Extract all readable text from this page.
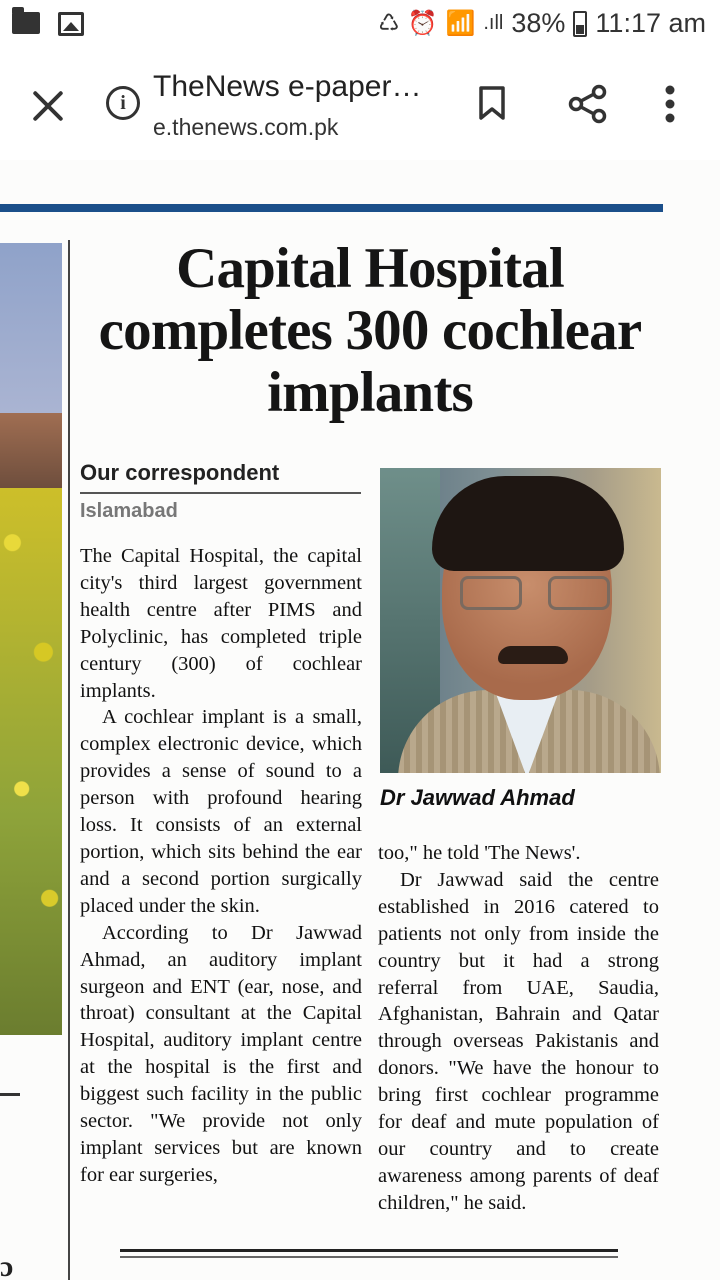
♺ ⏰ 📶 .ıll 38% 11:17 am
i TheNews e-paper…
e.thenews.com.pk
ɔ
Capital Hospital completes 300 cochlear implants
Our correspondent
Islamabad

The Capital Hospital, the capital city's third largest government health centre after PIMS and Polyclinic, has completed triple century (300) of cochlear implants.

A cochlear implant is a small, complex electronic device, which provides a sense of sound to a person with profound hearing loss. It consists of an external portion, which sits behind the ear and a second portion surgically placed under the skin.

According to Dr Jawwad Ahmad, an auditory implant surgeon and ENT (ear, nose, and throat) consultant at the Capital Hospital, auditory implant centre at the hospital is the first and biggest such facility in the public sector. "We provide not only implant services but are known for ear surgeries,

Dr Jawwad Ahmad

too," he told 'The News'.

Dr Jawwad said the centre established in 2016 catered to patients not only from inside the country but it had a strong referral from UAE, Saudia, Afghanistan, Bahrain and Qatar through overseas Pakistanis and donors. "We have the honour to bring first cochlear programme for deaf and mute population of our country and to create awareness among parents of deaf children," he said.
